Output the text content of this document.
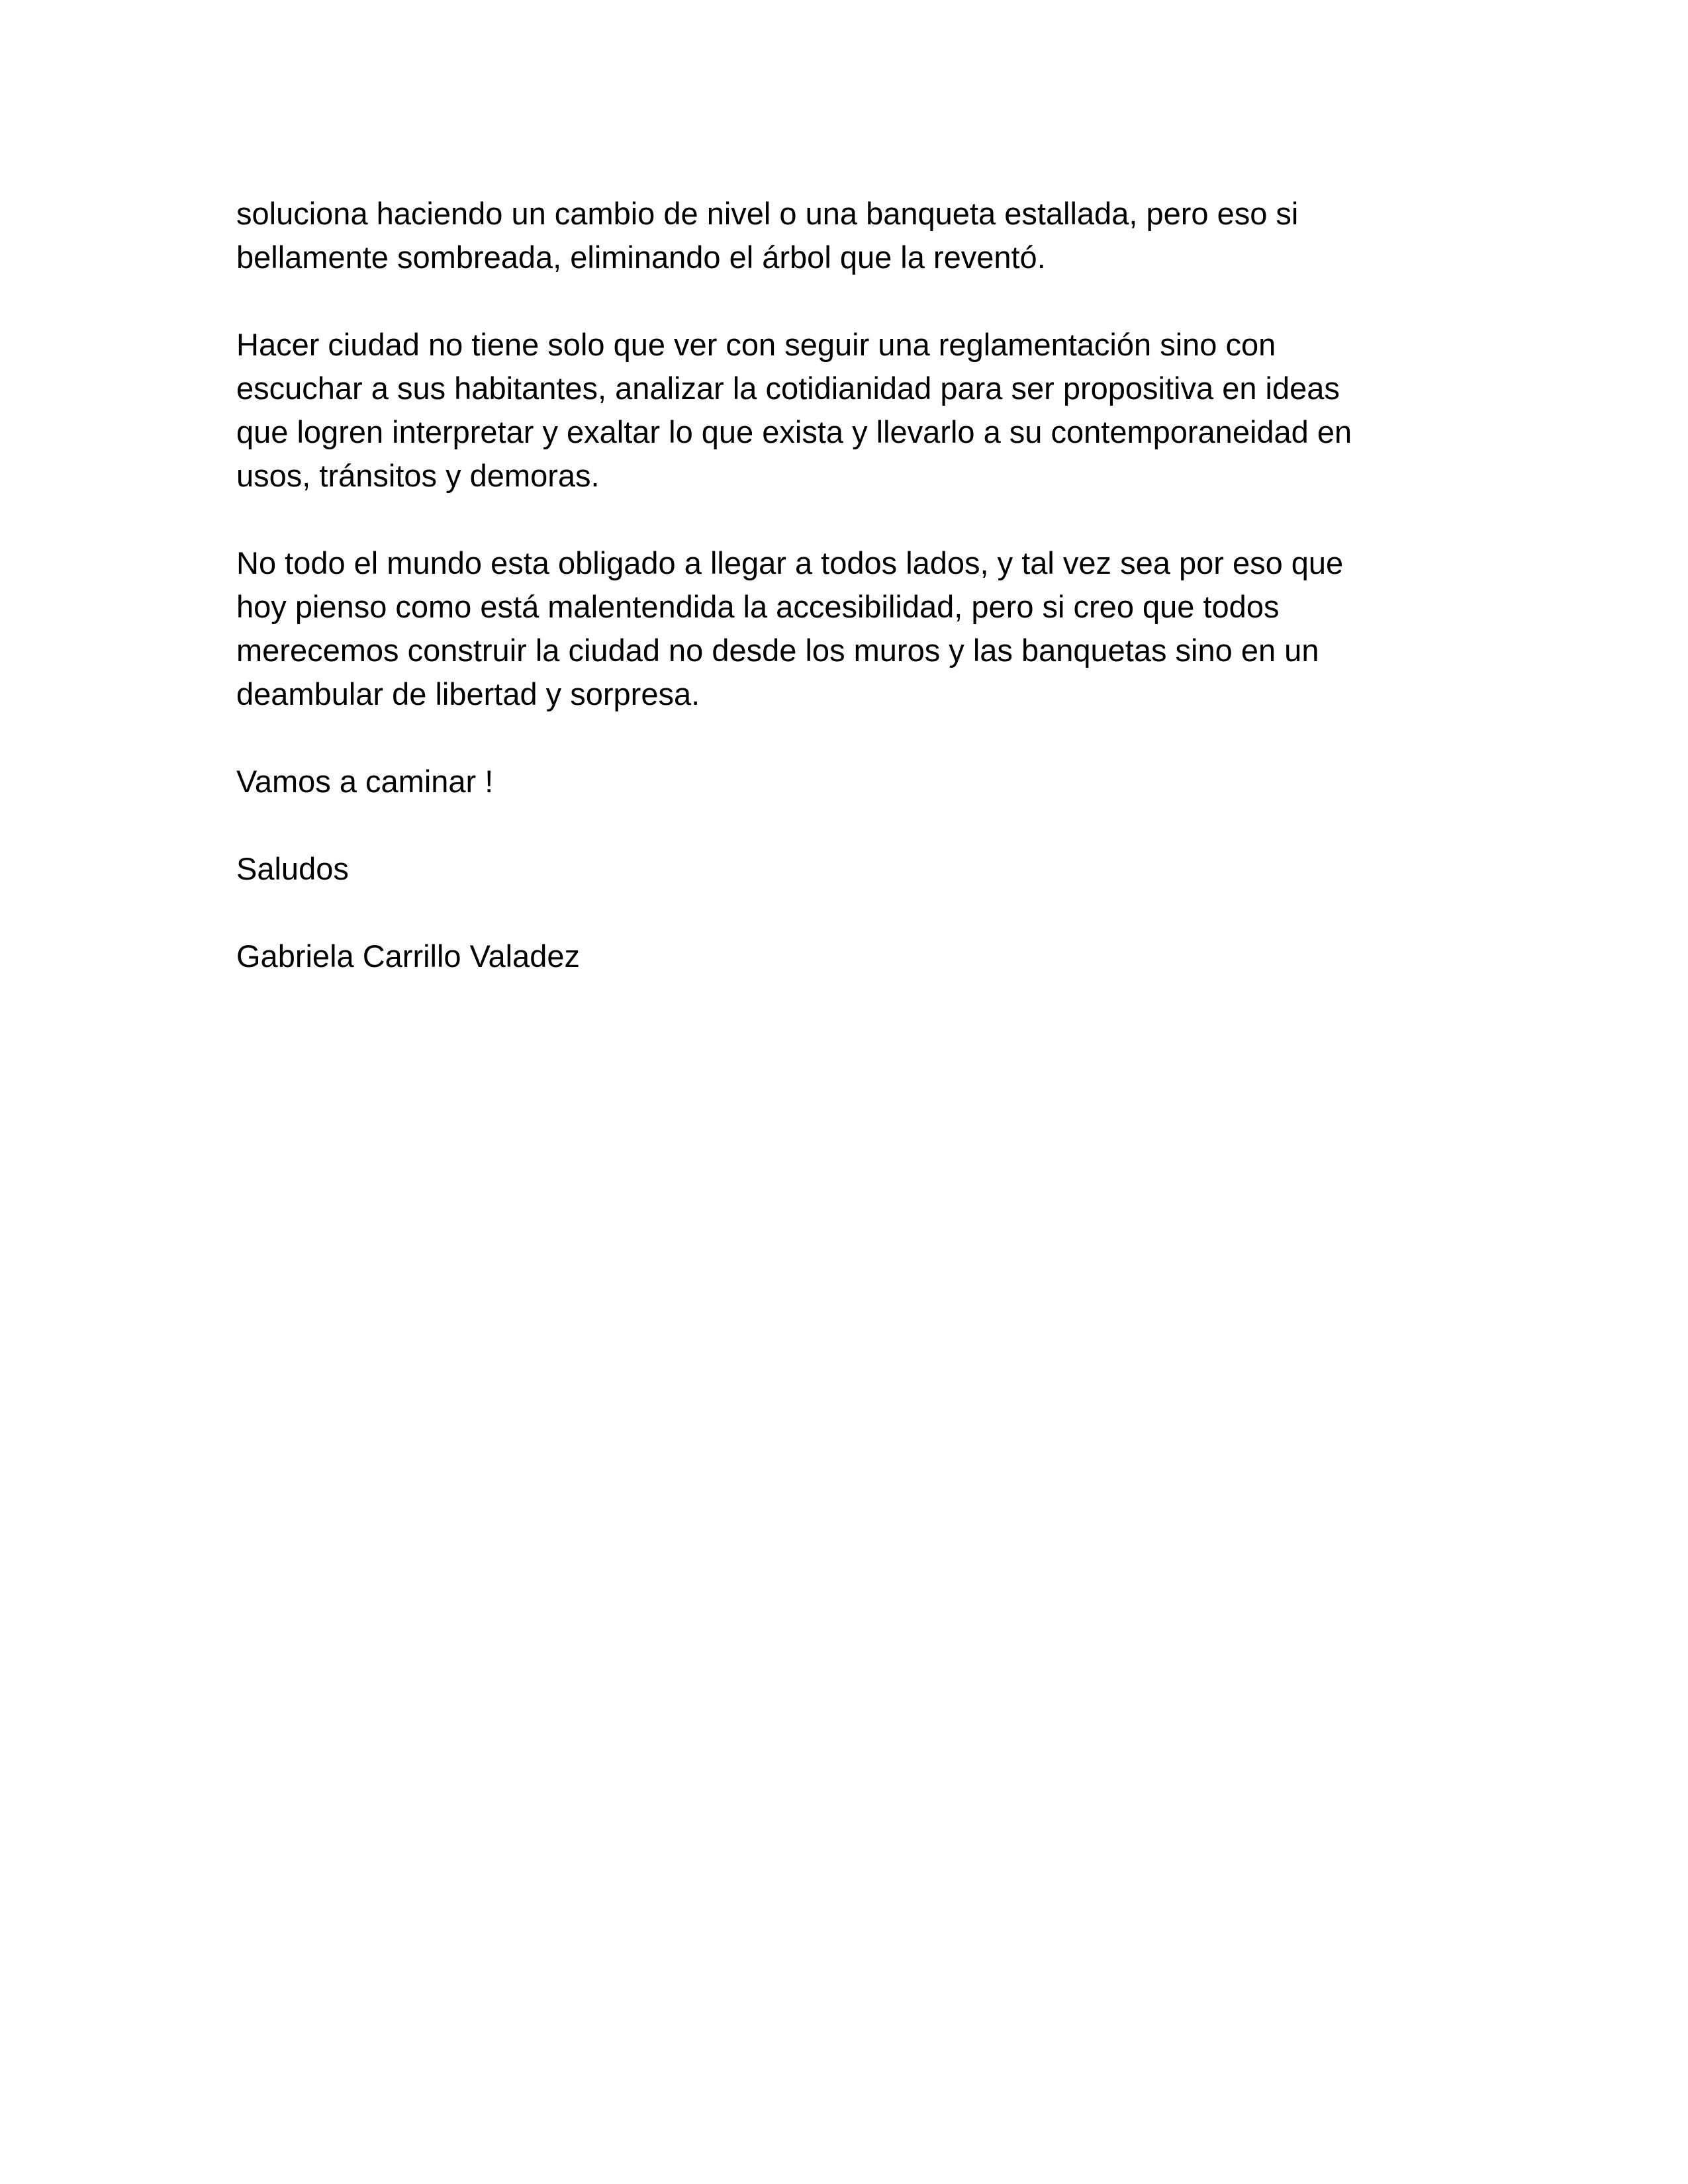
soluciona haciendo un cambio de nivel o una banqueta estallada, pero eso si
bellamente sombreada, eliminando el árbol que la reventó.

Hacer ciudad no tiene solo que ver con seguir una reglamentación sino con
escuchar a sus habitantes, analizar la cotidianidad para ser propositiva en ideas
que logren interpretar y exaltar lo que exista y llevarlo a su contemporaneidad en
usos, tránsitos y demoras.

No todo el mundo esta obligado a llegar a todos lados, y tal vez sea por eso que
hoy pienso como está malentendida la accesibilidad, pero si creo que todos
merecemos construir la ciudad no desde los muros y las banquetas sino en un
deambular de libertad y sorpresa.

Vamos a caminar !

Saludos

Gabriela Carrillo Valadez
